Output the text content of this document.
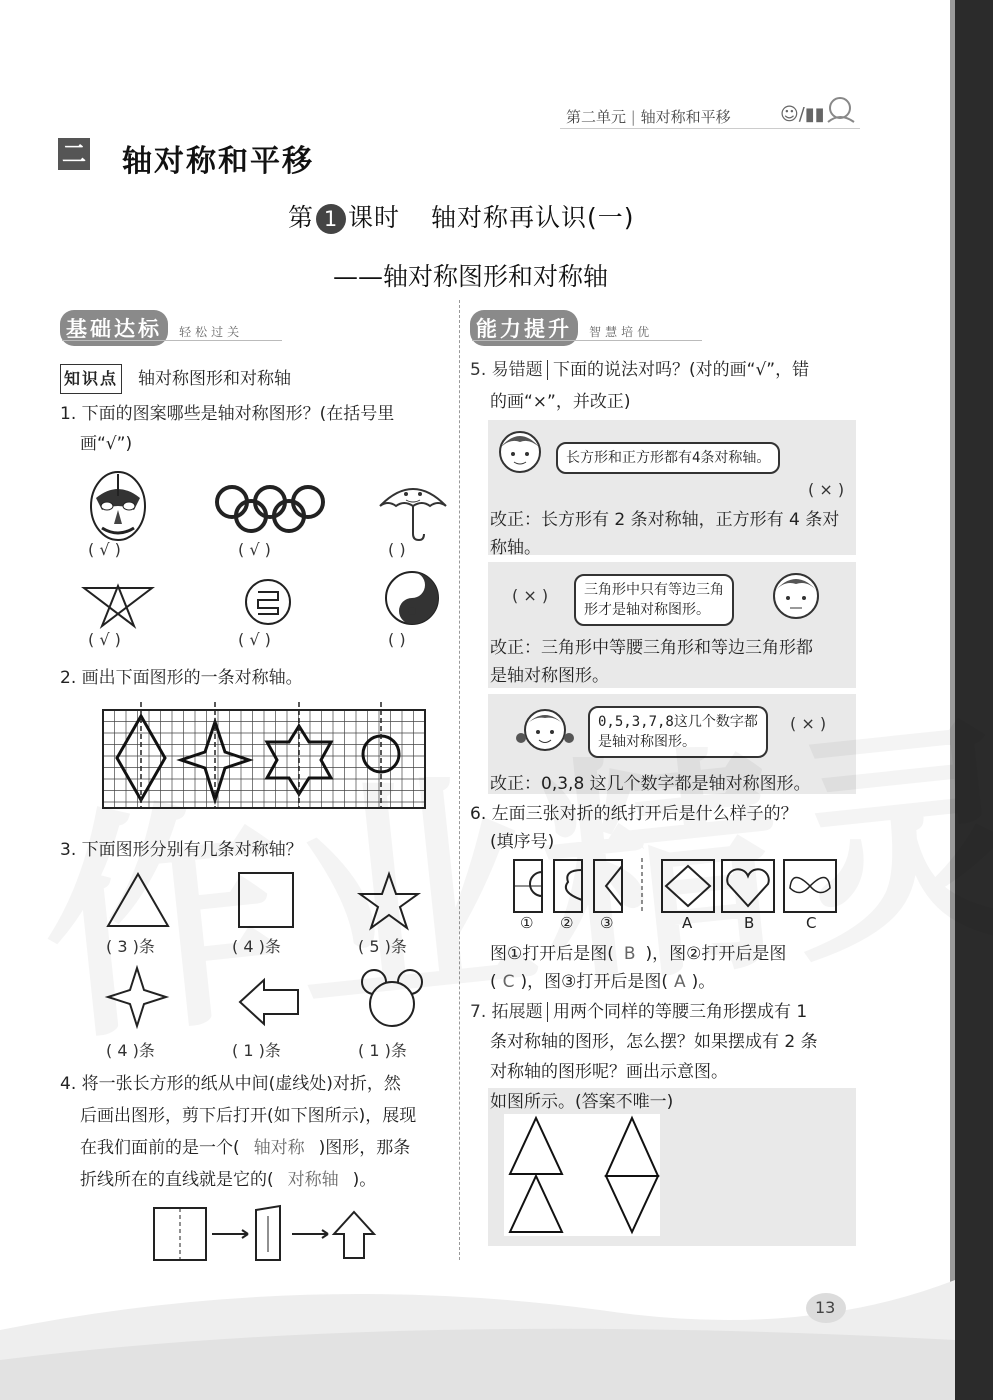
第二单元 | 轴对称和平移	☺/▮▮
二 轴对称和平移
第 1 课时 轴对称再认识(一)
——轴对称图形和对称轴
基础达标 轻松过关	能力提升 智慧培优
知识点 轴对称图形和对称轴
1. 下面的图案哪些是轴对称图形？(在括号里
画“√”)
( √ )	( √ )	( )
( √ )	( √ )	( )
2. 画出下面图形的一条对称轴。
3. 下面图形分别有几条对称轴？
( 3 )条	( 4 )条	( 5 )条
( 4 )条	( 1 )条	( 1 )条
4. 将一张长方形的纸从中间(虚线处)对折，然
后画出图形，剪下后打开(如下图所示)，展现
在我们面前的是一个( 轴对称 )图形，那条
折线所在的直线就是它的( 对称轴 )。
5. 易错题 下面的说法对吗？(对的画“√”，错
的画“×”，并改正)
长方形和正方形都有4条对称轴。
( × )
改正：长方形有 2 条对称轴，正方形有 4 条对
称轴。
( × )	三角形中只有等边三角
形才是轴对称图形。
改正：三角形中等腰三角形和等边三角形都
是轴对称图形。
0,5,3,7,8这几个数字都
是轴对称图形。
( × )
改正：0,3,8 这几个数字都是轴对称图形。
6. 左面三张对折的纸打开后是什么样子的？
(填序号)
① ② ③	A	B	C
图①打开后是图( B )，图②打开后是图
( C )，图③打开后是图( A )。
7. 拓展题 用两个同样的等腰三角形摆成有 1
条对称轴的图形，怎么摆？如果摆成有 2 条
对称轴的图形呢？画出示意图。
如图所示。(答案不唯一)
13
